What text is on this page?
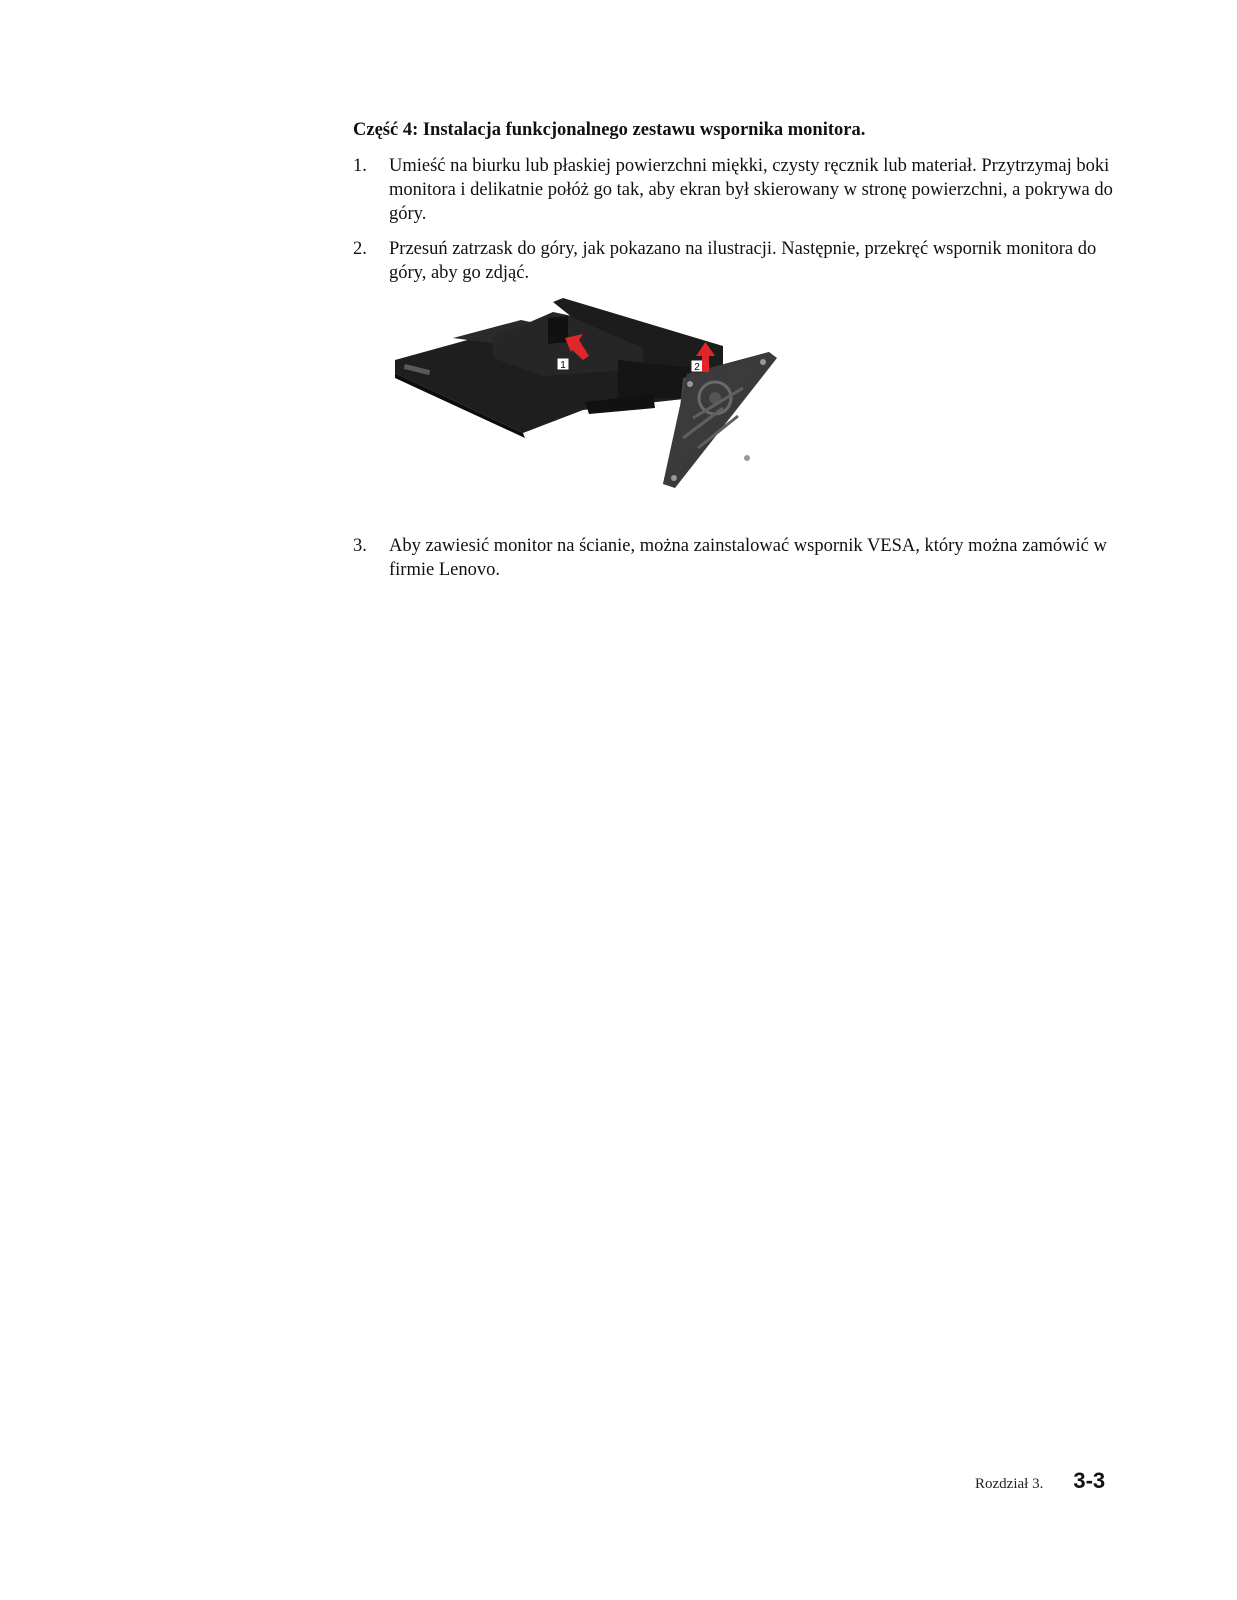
Część 4: Instalacja funkcjonalnego zestawu wspornika monitora.
1. Umieść na biurku lub płaskiej powierzchni miękki, czysty ręcznik lub materiał. Przytrzymaj boki monitora i delikatnie połóż go tak, aby ekran był skierowany w stronę powierzchni, a pokrywa do góry.
2. Przesuń zatrzask do góry, jak pokazano na ilustracji. Następnie, przekręć wspornik monitora do góry, aby go zdjąć.
1	2
3. Aby zawiesić monitor na ścianie, można zainstalować wspornik VESA, który można zamówić w firmie Lenovo.
Rozdział 3. 3-3
